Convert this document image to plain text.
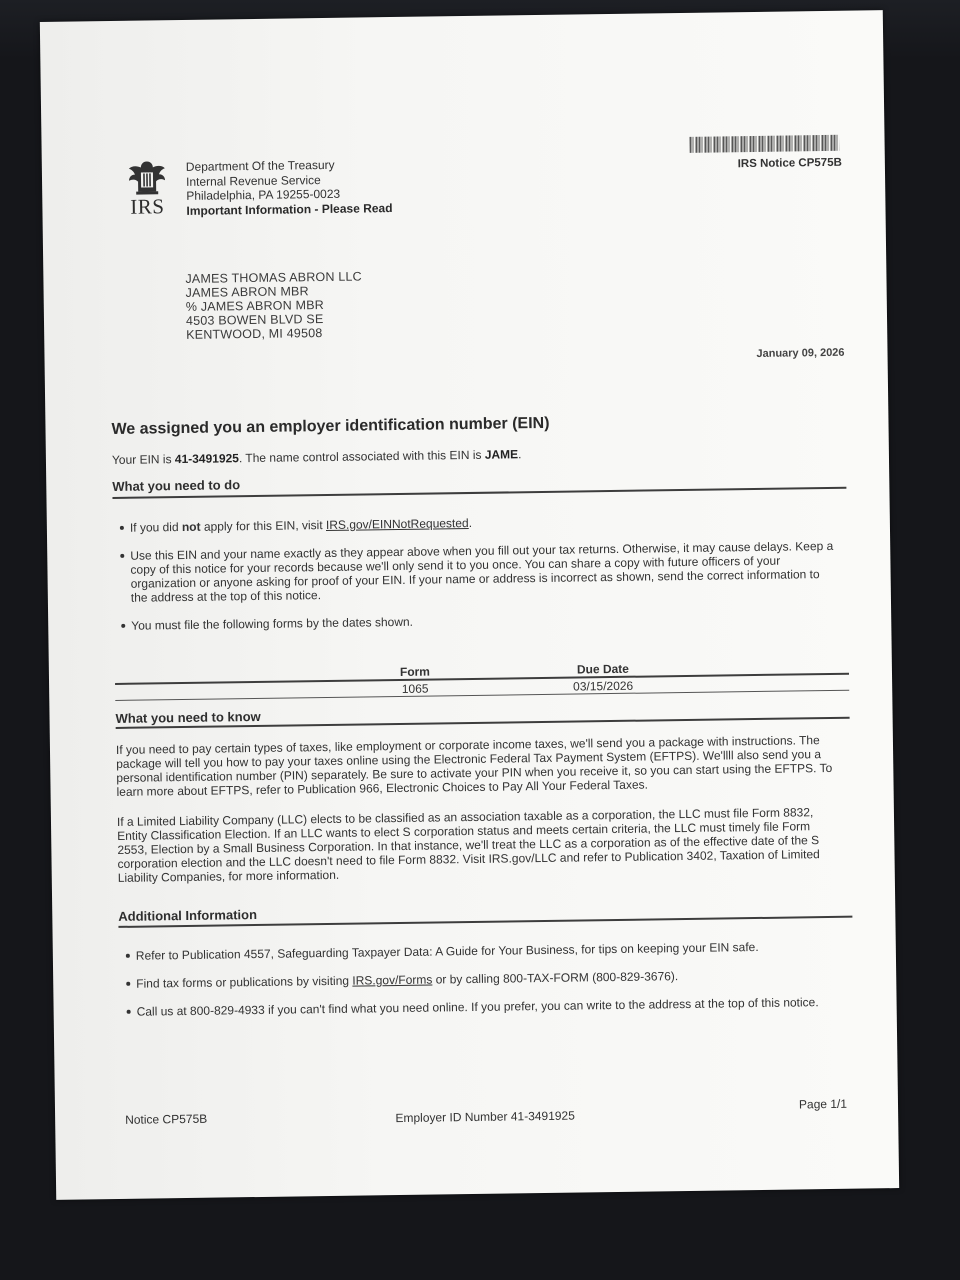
IRS
Department Of the Treasury
Internal Revenue Service
Philadelphia, PA 19255-0023
Important Information - Please Read
IRS Notice CP575B
JAMES THOMAS ABRON LLC
JAMES ABRON MBR
% JAMES ABRON MBR
4503 BOWEN BLVD SE
KENTWOOD, MI 49508
January 09, 2026
We assigned you an employer identification number (EIN)
Your EIN is 41-3491925. The name control associated with this EIN is JAME.
What you need to do
If you did not apply for this EIN, visit IRS.gov/EINNotRequested.
Use this EIN and your name exactly as they appear above when you fill out your tax returns. Otherwise, it may cause delays. Keep a copy of this notice for your records because we'll only send it to you once. You can share a copy with future officers of your organization or anyone asking for proof of your EIN. If your name or address is incorrect as shown, send the correct information to the address at the top of this notice.
You must file the following forms by the dates shown.
Form	Due Date
1065	03/15/2026
What you need to know
If you need to pay certain types of taxes, like employment or corporate income taxes, we'll send you a package with instructions. The package will tell you how to pay your taxes online using the Electronic Federal Tax Payment System (EFTPS). We'llll also send you a personal identification number (PIN) separately. Be sure to activate your PIN when you receive it, so you can start using the EFTPS. To learn more about EFTPS, refer to Publication 966, Electronic Choices to Pay All Your Federal Taxes.
If a Limited Liability Company (LLC) elects to be classified as an association taxable as a corporation, the LLC must file Form 8832, Entity Classification Election. If an LLC wants to elect S corporation status and meets certain criteria, the LLC must timely file Form 2553, Election by a Small Business Corporation. In that instance, we'll treat the LLC as a corporation as of the effective date of the S corporation election and the LLC doesn't need to file Form 8832. Visit IRS.gov/LLC and refer to Publication 3402, Taxation of Limited Liability Companies, for more information.
Additional Information
Refer to Publication 4557, Safeguarding Taxpayer Data: A Guide for Your Business, for tips on keeping your EIN safe.
Find tax forms or publications by visiting IRS.gov/Forms or by calling 800-TAX-FORM (800-829-3676).
Call us at 800-829-4933 if you can't find what you need online. If you prefer, you can write to the address at the top of this notice.
Notice CP575B	Employer ID Number 41-3491925
Page 1/1
